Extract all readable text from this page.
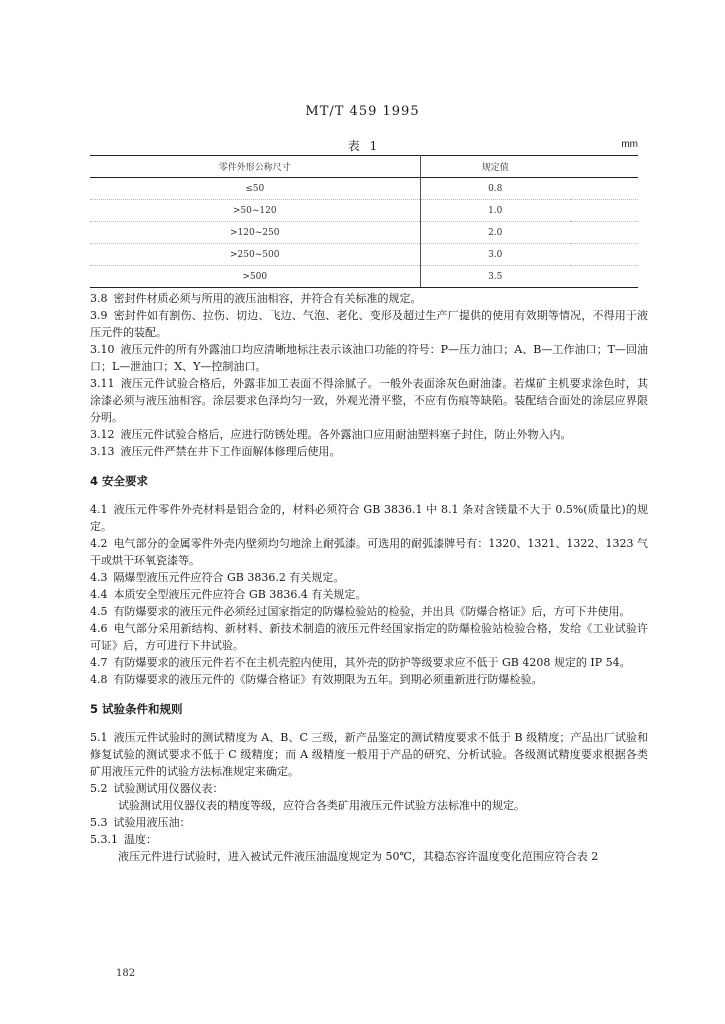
MT/T 459 1995
表 1	mm
零件外形公称尺寸	规定值	
≤50	0.8	
>50~120	1.0	
>120~250	2.0	
>250~500	3.0	
>500	3.5	

3.8 密封件材质必须与所用的液压油相容，并符合有关标准的规定。

3.9 密封件如有割伤、拉伤、切边、飞边、气泡、老化、变形及超过生产厂提供的使用有效期等情况，不得用于液压元件的装配。

3.10 液压元件的所有外露油口均应清晰地标注表示该油口功能的符号：P—压力油口；A、B—工作油口；T—回油口；L—泄油口；X、Y—控制油口。

3.11 液压元件试验合格后，外露非加工表面不得涂腻子。一般外表面涂灰色耐油漆。若煤矿主机要求涂色时，其涂漆必须与液压油相容。涂层要求色泽均匀一致，外观光滑平整，不应有伤痕等缺陷。装配结合面处的涂层应界限分明。

3.12 液压元件试验合格后，应进行防锈处理。各外露油口应用耐油塑料塞子封住，防止外物入内。

3.13 液压元件严禁在井下工作面解体修理后使用。

4 安全要求

4.1 液压元件零件外壳材料是铝合金的，材料必须符合 GB 3836.1 中 8.1 条对含镁量不大于 0.5%(质量比)的规定。

4.2 电气部分的金属零件外壳内壁须均匀地涂上耐弧漆。可选用的耐弧漆牌号有：1320、1321、1322、1323 气干或烘干环氧瓷漆等。

4.3 隔爆型液压元件应符合 GB 3836.2 有关规定。

4.4 本质安全型液压元件应符合 GB 3836.4 有关规定。

4.5 有防爆要求的液压元件必须经过国家指定的防爆检验站的检验，并出具《防爆合格证》后，方可下井使用。

4.6 电气部分采用新结构、新材料、新技术制造的液压元件经国家指定的防爆检验站检验合格，发给《工业试验许可证》后，方可进行下井试验。

4.7 有防爆要求的液压元件若不在主机壳腔内使用，其外壳的防护等级要求应不低于 GB 4208 规定的 IP 54。

4.8 有防爆要求的液压元件的《防爆合格证》有效期限为五年。到期必须重新进行防爆检验。

5 试验条件和规则

5.1 液压元件试验时的测试精度为 A、B、C 三级，新产品鉴定的测试精度要求不低于 B 级精度；产品出厂试验和修复试验的测试要求不低于 C 级精度；而 A 级精度一般用于产品的研究、分析试验。各级测试精度要求根据各类矿用液压元件的试验方法标准规定来确定。

5.2 试验测试用仪器仪表：

试验测试用仪器仪表的精度等级，应符合各类矿用液压元件试验方法标准中的规定。

5.3 试验用液压油：

5.3.1 温度：

液压元件进行试验时，进入被试元件液压油温度规定为 50℃，其稳态容许温度变化范围应符合表 2

182
